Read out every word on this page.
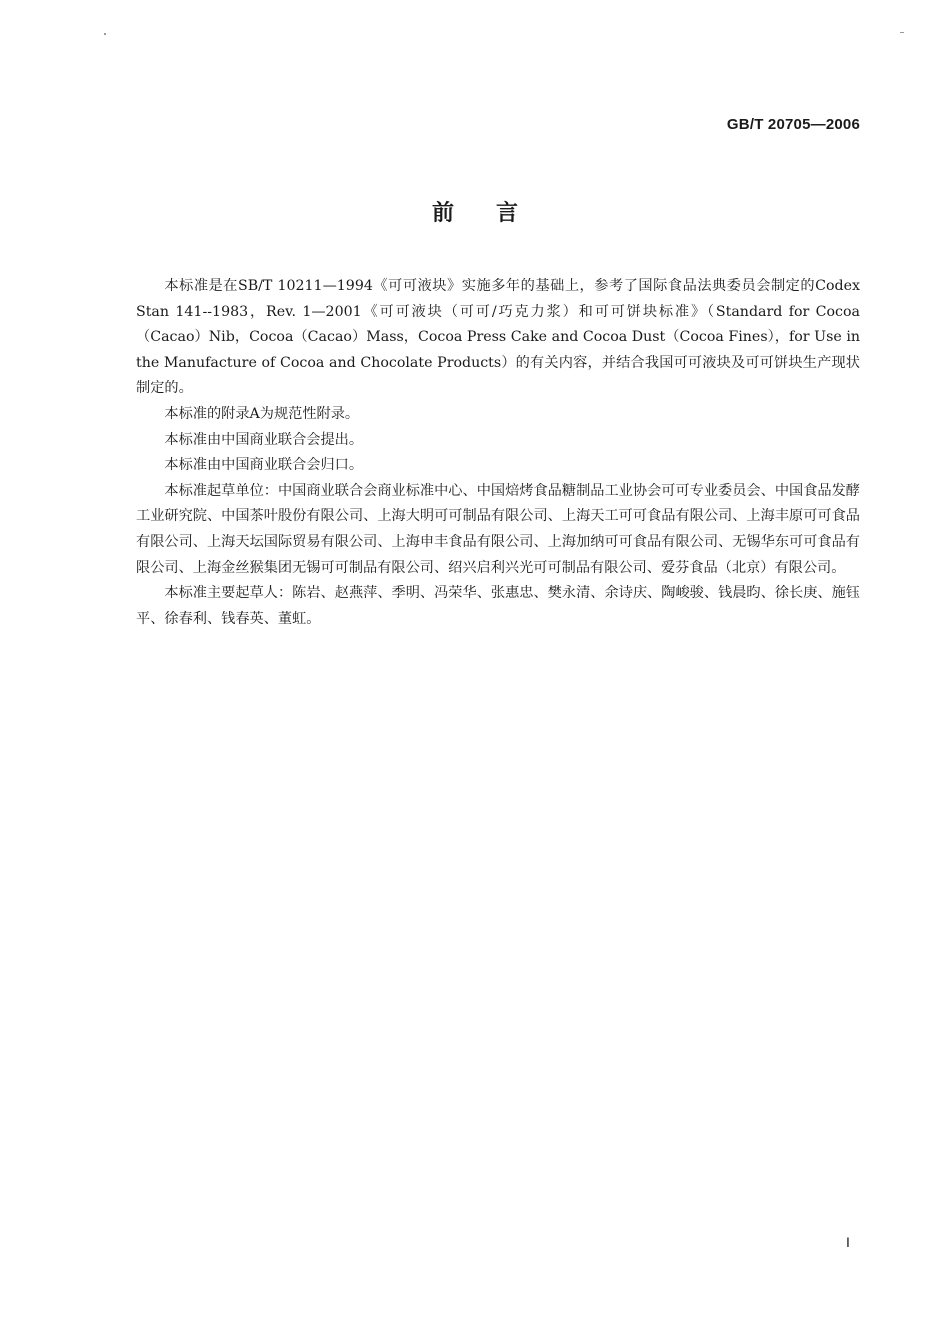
GB/T 20705—2006
前言

本标准是在SB/T 10211—1994《可可液块》实施多年的基础上，参考了国际食品法典委员会制定的Codex Stan 141--1983，Rev. 1—2001《可可液块（可可/巧克力浆）和可可饼块标准》（Standard for Cocoa（Cacao）Nib，Cocoa（Cacao）Mass，Cocoa Press Cake and Cocoa Dust（Cocoa Fines），for Use in the Manufacture of Cocoa and Chocolate Products）的有关内容，并结合我国可可液块及可可饼块生产现状制定的。

本标准的附录A为规范性附录。

本标准由中国商业联合会提出。

本标准由中国商业联合会归口。

本标准起草单位：中国商业联合会商业标准中心、中国焙烤食品糖制品工业协会可可专业委员会、中国食品发酵工业研究院、中国茶叶股份有限公司、上海大明可可制品有限公司、上海天工可可食品有限公司、上海丰原可可食品有限公司、上海天坛国际贸易有限公司、上海申丰食品有限公司、上海加纳可可食品有限公司、无锡华东可可食品有限公司、上海金丝猴集团无锡可可制品有限公司、绍兴启利兴光可可制品有限公司、爱芬食品（北京）有限公司。

本标准主要起草人：陈岩、赵燕萍、季明、冯荣华、张惠忠、樊永清、余诗庆、陶峻骏、钱晨昀、徐长庚、施钰平、徐春利、钱春英、董虹。

I
